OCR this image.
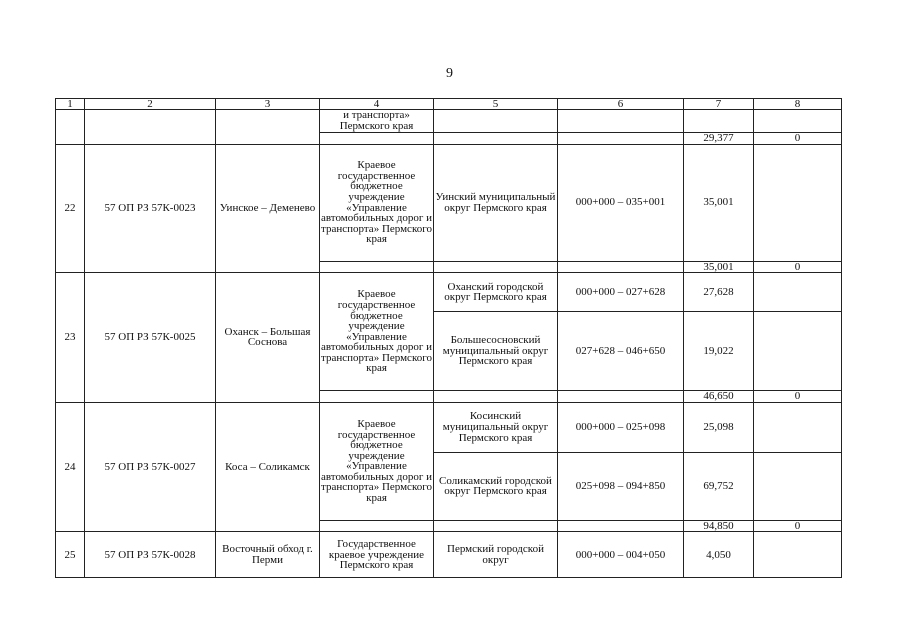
9
1	2	3	4	5	6	7	8
			и транспорта» Пермского края				
						29,377	0
22	57 ОП РЗ 57К-0023	Уинское – Деменево	Краевое государственное бюджетное учреждение «Управление автомобильных дорог и транспорта» Пермского края	Уинский муниципальный округ Пермского края	000+000 – 035+001	35,001	
						35,001	0
23	57 ОП РЗ 57К-0025	Оханск – Большая Соснова	Краевое государственное бюджетное учреждение «Управление автомобильных дорог и транспорта» Пермского края	Оханский городской округ Пермского края	000+000 – 027+628	27,628	
				Большесосновский муниципальный округ Пермского края	027+628 – 046+650	19,022	
						46,650	0
24	57 ОП РЗ 57К-0027	Коса – Соликамск	Краевое государственное бюджетное учреждение «Управление автомобильных дорог и транспорта» Пермского края	Косинский муниципальный округ Пермского края	000+000 – 025+098	25,098	
				Соликамский городской округ Пермского края	025+098 – 094+850	69,752	
						94,850	0
25	57 ОП РЗ 57К-0028	Восточный обход г. Перми	Государственное краевое учреждение Пермского края	Пермский городской округ	000+000 – 004+050	4,050	
